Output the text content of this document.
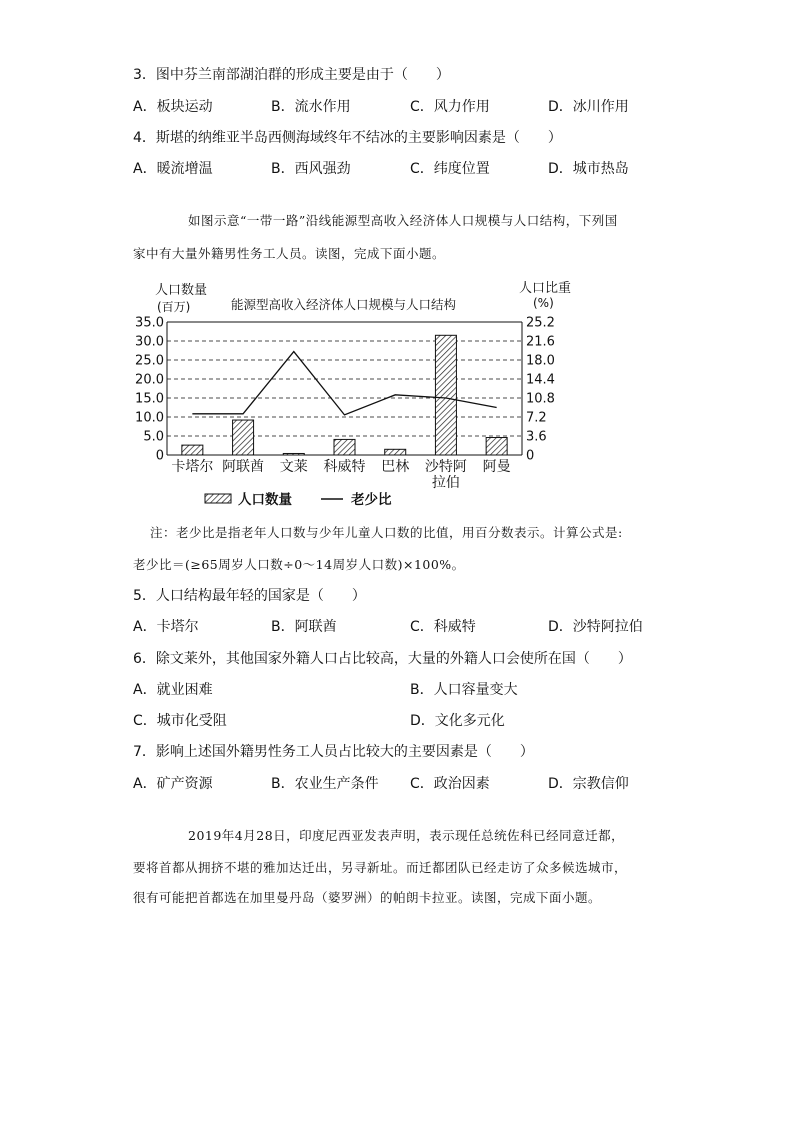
3．图中芬兰南部湖泊群的形成主要是由于（　　）
A．板块运动	B．流水作用	C．风力作用	D．冰川作用
4．斯堪的纳维亚半岛西侧海域终年不结冰的主要影响因素是（　　）
A．暖流增温	B．西风强劲	C．纬度位置	D．城市热岛
如图示意“一带一路”沿线能源型高收入经济体人口规模与人口结构，下列国
家中有大量外籍男性务工人员。读图，完成下面小题。
人口数量
(百万)	能源型高收入经济体人口规模与人口结构
人口比重
(%)
35.0	25.2
30.0	21.6
25.0	18.0
20.0	14.4
15.0	10.8
10.0	7.2
5.0	3.6
0	0
卡塔尔 阿联酋 文莱 科威特 巴林 沙特阿
拉伯
阿曼
人口数量	老少比
注：老少比是指老年人口数与少年儿童人口数的比值，用百分数表示。计算公式是:
老少比＝(≥65周岁人口数÷0～14周岁人口数)×100%。
5．人口结构最年轻的国家是（　　）
A．卡塔尔	B．阿联酋	C．科威特	D．沙特阿拉伯
6．除文莱外，其他国家外籍人口占比较高，大量的外籍人口会使所在国（　　）
A．就业困难	B．人口容量变大
C．城市化受阻	D．文化多元化
7．影响上述国外籍男性务工人员占比较大的主要因素是（　　）
A．矿产资源	B．农业生产条件 C．政治因素	D．宗教信仰
2019年4月28日，印度尼西亚发表声明，表示现任总统佐科已经同意迁都，
要将首都从拥挤不堪的雅加达迁出，另寻新址。而迁都团队已经走访了众多候选城市，
很有可能把首都选在加里曼丹岛（婆罗洲）的帕朗卡拉亚。读图，完成下面小题。
